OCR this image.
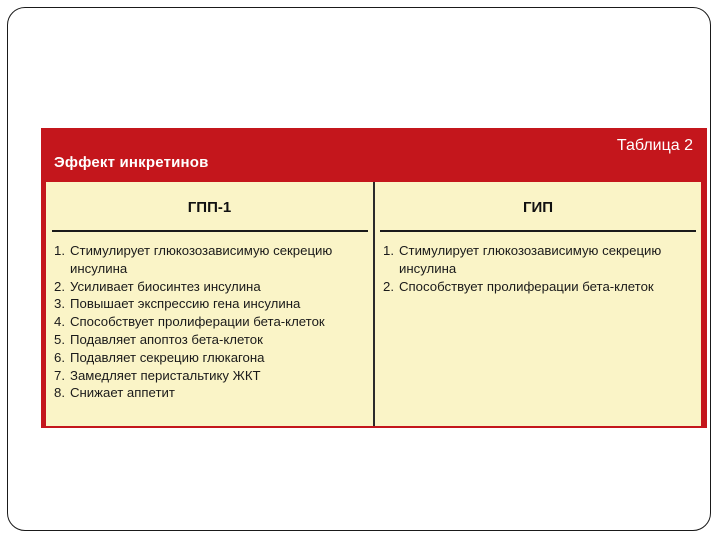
Таблица 2
Эффект инкретинов
ГПП-1	ГИП
1. Стимулирует глюкозозависимую секрецию инсулина
2. Усиливает биосинтез инсулина
3. Повышает экспрессию гена инсулина
4. Способствует пролиферации бета-клеток
5. Подавляет апоптоз бета-клеток
6. Подавляет секрецию глюкагона
7. Замедляет перистальтику ЖКТ
8. Снижает аппетит
1. Стимулирует глюкозозависимую секрецию инсулина
2. Способствует пролиферации бета-клеток
